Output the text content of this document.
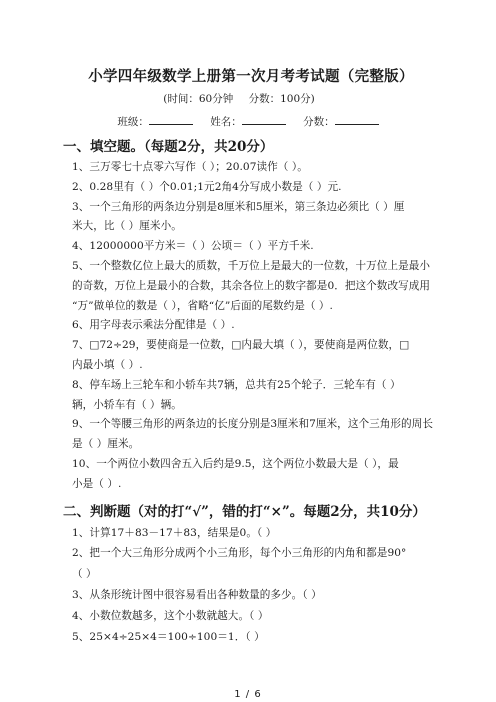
小学四年级数学上册第一次月考考试题（完整版）
(时间：60分钟 分数：100分)
班级：	姓名：	分数：
一、填空题。（每题2分，共20分）
1、三万零七十点零六写作（ ）；20.07读作（ ）。
2、0.28里有（ ）个0.01;1元2角4分写成小数是（ ）元.
3、一个三角形的两条边分别是8厘米和5厘米，第三条边必须比（ ）厘
米大，比（ ）厘米小。
4、12000000平方米＝（ ）公顷＝（ ）平方千米.
5、一个整数亿位上最大的质数，千万位上是最大的一位数，十万位上是最小
的奇数，万位上是最小的合数，其余各位上的数字都是0．把这个数改写成用
“万”做单位的数是（ ），省略“亿”后面的尾数约是（ ）.
6、用字母表示乘法分配律是（ ）.
7、□72÷29，要使商是一位数，□内最大填（ ），要使商是两位数，□
内最小填（ ）.
8、停车场上三轮车和小轿车共7辆，总共有25个轮子．三轮车有（ ）
辆，小轿车有（ ）辆。
9、一个等腰三角形的两条边的长度分别是3厘米和7厘米，这个三角形的周长
是（ ）厘米。
10、一个两位小数四舍五入后约是9.5，这个两位小数最大是（ ），最
小是（ ）.
二、判断题（对的打“√”，错的打“×”。每题2分，共10分）
1、计算17＋83－17＋83，结果是0。（ ）
2、把一个大三角形分成两个小三角形，每个小三角形的内角和都是90°
（ ）
3、从条形统计图中很容易看出各种数量的多少。（ ）
4、小数位数越多，这个小数就越大。（ ）
5、25×4÷25×4＝100÷100＝1．（ ）
1 / 6
